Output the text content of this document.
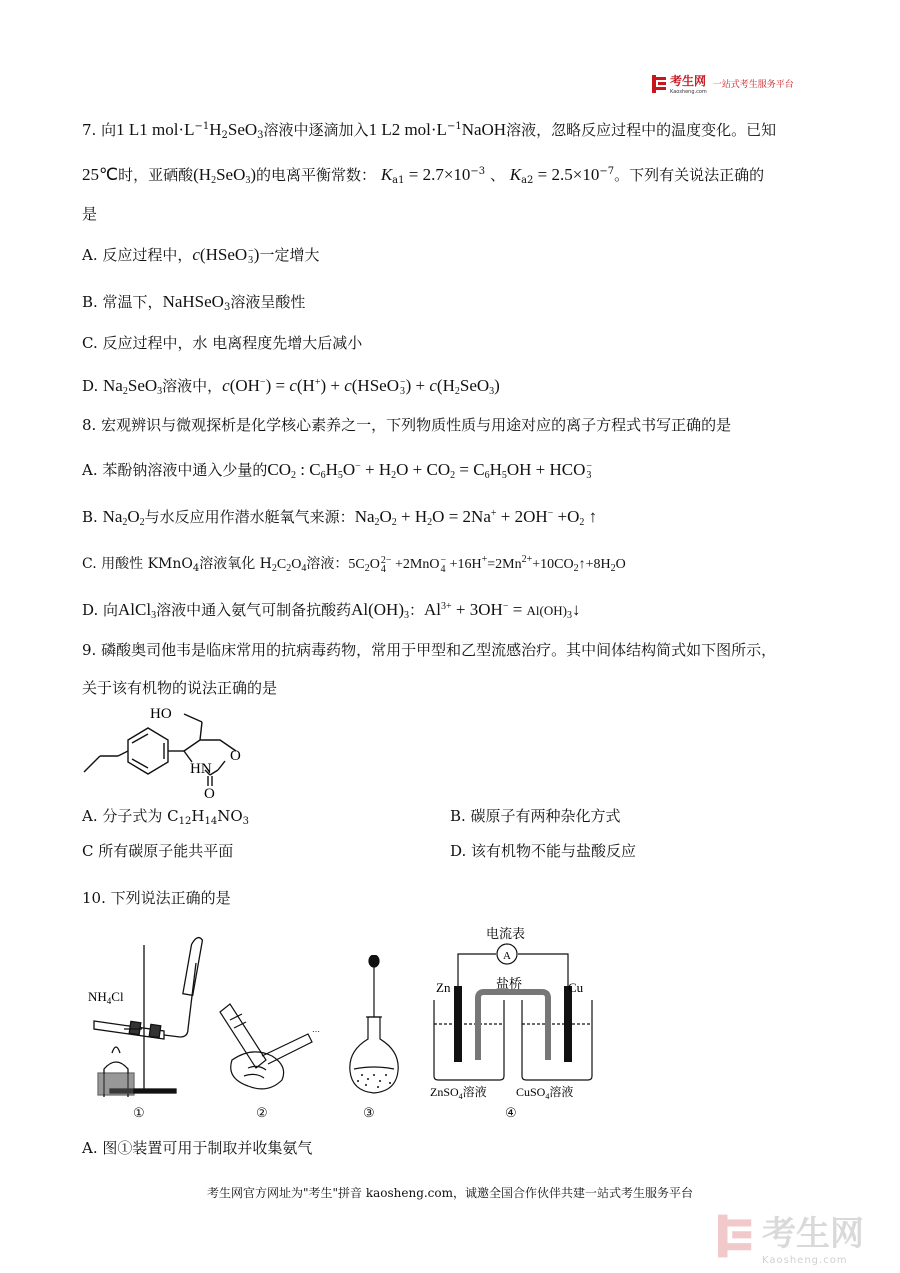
考生网
Kaosheng.com
一站式考生服务平台
7. 向1 L1 $mol\cdot L^{-1}H_2SeO_3$溶液中逐滴加入1 L2 $mol\cdot L^{-1}NaOH$溶液，忽略反应过程中的温度变化。已知
25℃时，亚硒酸$(H_2SeO_3)$的电离平衡常数： $K_{a1} = 2.7\times 10^{-3}$ 、 $K_{a2} = 2.5\times 10^{-7}$。下列有关说法正确的
是
A. 反应过程中，c(HSeO−
3)一定增大
B. 常温下，NaHSeO$_3$溶液呈酸性
C. 反应过程中，水 电离程度先增大后减小
D. $Na_2SeO_3$溶液中，c(OH−) = c(H+) + c(HSeO−
$3) + c(H_2SeO_3)$
8. 宏观辨识与微观探析是化学核心素养之一，下列物质性质与用途对应的离子方程式书写正确的是
A. 苯酚钠溶液中通入少量的$CO_2$ : $C_6H_5O^- + H_2O + CO_2 = C_6H_5OH + HCO-$
3
B. $Na_2O_2$与水反应用作潜水艇氧气来源：$Na_2O_2 + H_2O = 2Na^+ + 2OH^- +O_2$ ↑
C. 用酸性 KMnO$_4$溶液氧化 $H_2C_2O_4$溶液：$5C_2O2-$
4 +2MnO−
$4 +16H^+=2Mn^{2+}+10CO_2↑+8H_2O$
D. 向AlCl$_3$溶液中通入氨气可制备抗酸药$Al(OH)_3$：$Al^{3+} + 3OH^-$ = $Al(OH)_3↓$
9. 磷酸奥司他韦是临床常用的抗病毒药物，常用于甲型和乙型流感治疗。其中间体结构简式如下图所示，
关于该有机物的说法正确的是
HO
HN
O
O
A. 分子式为 $C_{12}H_{14}NO_3$	B. 碳原子有两种杂化方式
C 所有碳原子能共平面	D. 该有机物不能与盐酸反应
10. 下列说法正确的是
$NH_4Cl$
⋯
电流表
A
盐桥
Zn	Cu
ZnSO$_4$溶液 CuSO$_4$溶液
①	②	③	④
A. 图①装置可用于制取并收集氨气
考生网官方网址为"考生"拼音 kaosheng.com，诚邀全国合作伙伴共建一站式考生服务平台
考生网
Kaosheng.com
